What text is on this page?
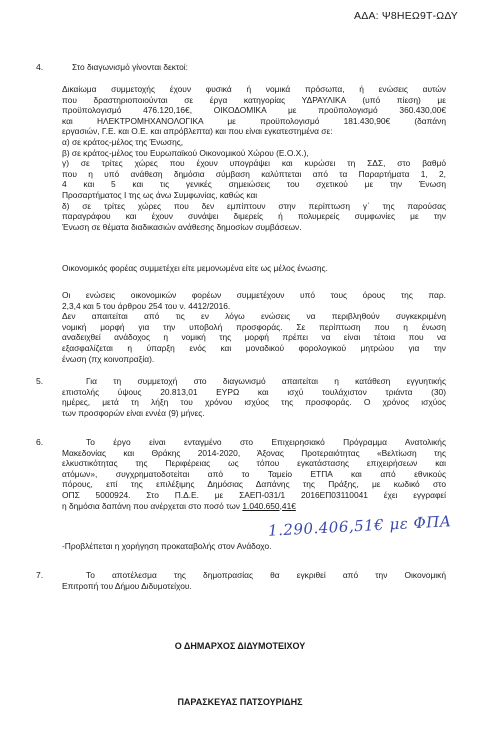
ΑΔΑ: Ψ8ΗΕΩ9Τ-ΩΔΥ
4.	Στο διαγωνισμό γίνονται δεκτοί:
Δικαίωμα συμμετοχής έχουν φυσικά ή νομικά πρόσωπα, ή ενώσεις αυτών
που δραστηριοποιούνται σε έργα κατηγορίας ΥΔΡΑΥΛΙΚΑ (υπό πίεση) με
προϋπολογισμό 476.120,16€, ΟΙΚΟΔΟΜΙΚΑ με προϋπολογισμό 360.430,00€
και ΗΛΕΚΤΡΟΜΗΧΑΝΟΛΟΓΙΚΑ με προϋπολογισμό 181.430,90€ (δαπάνη
εργασιών, Γ.Ε. και Ο.Ε. και απρόβλεπτα) και που είναι εγκατεστημένα σε:
α) σε κράτος-μέλος της Ένωσης,
β) σε κράτος-μέλος του Ευρωπαϊκού Οικονομικού Χώρου (Ε.Ο.Χ.),
γ) σε τρίτες χώρες που έχουν υπογράψει και κυρώσει τη ΣΔΣ, στο βαθμό
που η υπό ανάθεση δημόσια σύμβαση καλύπτεται από τα Παραρτήματα 1, 2,
4 και 5 και τις γενικές σημειώσεις του σχετικού με την Ένωση
Προσαρτήματος Ι της ως άνω Συμφωνίας, καθώς και
δ) σε τρίτες χώρες που δεν εμπίπτουν στην περίπτωση γ΄ της παρούσας
παραγράφου και έχουν συνάψει διμερείς ή πολυμερείς συμφωνίες με την
Ένωση σε θέματα διαδικασιών ανάθεσης δημοσίων συμβάσεων.
Οικονομικός φορέας συμμετέχει είτε μεμονωμένα είτε ως μέλος ένωσης.
Οι ενώσεις οικονομικών φορέων συμμετέχουν υπό τους όρους της παρ.
2,3,4 και 5 του άρθρου 254 του ν. 4412/2016.
Δεν απαιτείται από τις εν λόγω ενώσεις να περιβληθούν συγκεκριμένη
νομική μορφή για την υποβολή προσφοράς. Σε περίπτωση που η ένωση
αναδειχθεί ανάδοχος η νομική της μορφή πρέπει να είναι τέτοια που να
εξασφαλίζεται η ύπαρξη ενός και μοναδικού φορολογικού μητρώου για την
ένωση (πχ κοινοπραξία).
5.	Για τη συμμετοχή στο διαγωνισμό απαιτείται η κατάθεση εγγυητικής
επιστολής ύψους 20.813,01 ΕΥΡΩ και ισχύ τουλάχιστον τριάντα (30)
ημέρες, μετά τη λήξη του χρόνου ισχύος της προσφοράς. Ο χρόνος ισχύος
των προσφορών είναι εννέα (9) μήνες.
6.	Το έργο είναι ενταγμένο στο Επιχειρησιακό Πρόγραμμα Ανατολικής
Μακεδονίας και Θράκης 2014-2020, Άξονας Προτεραιότητας «Βελτίωση της
ελκυστικότητας της Περιφέρειας ως τόπου εγκατάστασης επιχειρήσεων και
ατόμων», συγχρηματοδοτείται από το Ταμείο ΕΤΠΑ και από εθνικούς
πόρους, επί της επιλέξιμης Δημόσιας Δαπάνης της Πράξης, με κωδικό στο
ΟΠΣ 5000924. Στο Π.Δ.Ε. με ΣΑΕΠ-031/1 2016ΕΠ03110041 έχει εγγραφεί
η δημόσια δαπάνη που ανέρχεται στο ποσό των 1.040.650,41€
1.290.406,51€ με ΦΠΑ
-Προβλέπεται η χορήγηση προκαταβολής στον Ανάδοχο.
7.	Το αποτέλεσμα της δημοπρασίας θα εγκριθεί από την Οικονομική
Επιτροπή του Δήμου Διδυμοτείχου.
Ο ΔΗΜΑΡΧΟΣ ΔΙΔΥΜΟΤΕΙΧΟΥ
ΠΑΡΑΣΚΕΥΑΣ ΠΑΤΣΟΥΡΙΔΗΣ
